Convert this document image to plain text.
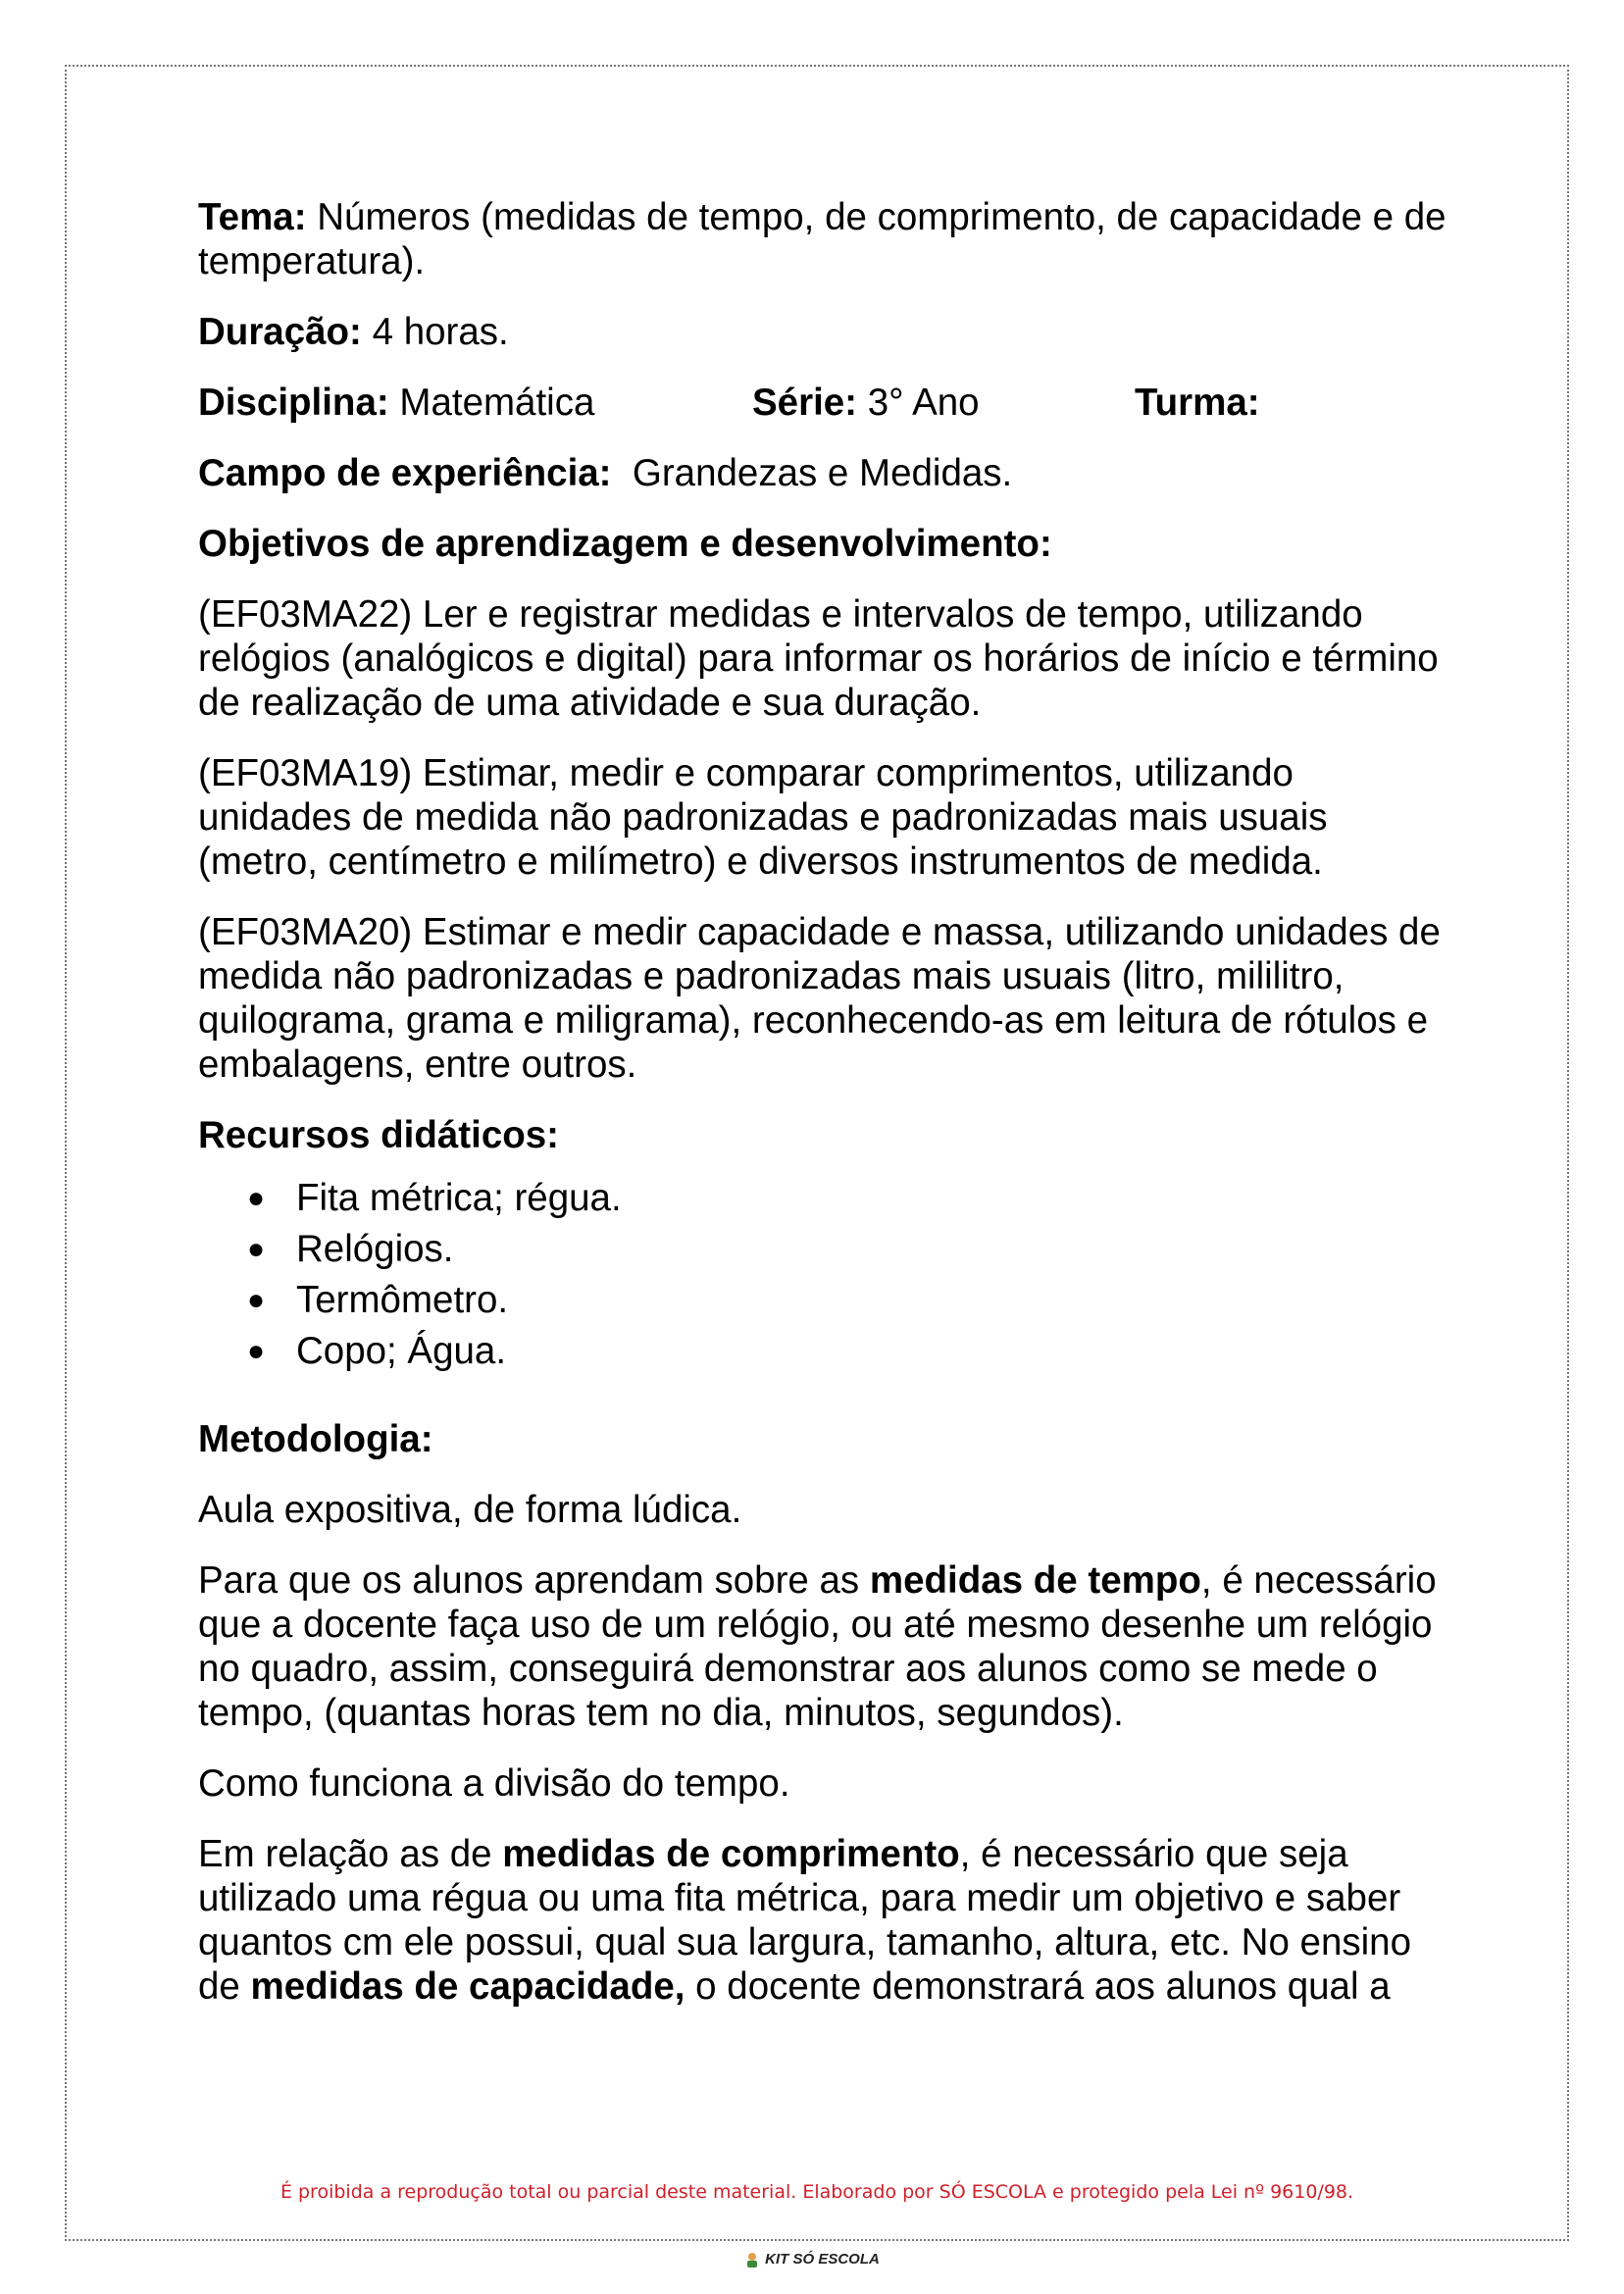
Tema: Números (medidas de tempo, de comprimento, de capacidade e de temperatura).

Duração: 4 horas.

Disciplina: Matemática	Série: 3° Ano	Turma:

Campo de experiência:  Grandezas e Medidas.

Objetivos de aprendizagem e desenvolvimento:

(EF03MA22) Ler e registrar medidas e intervalos de tempo, utilizando relógios (analógicos e digital) para informar os horários de início e término de realização de uma atividade e sua duração.

(EF03MA19) Estimar, medir e comparar comprimentos, utilizando unidades de medida não padronizadas e padronizadas mais usuais (metro, centímetro e milímetro) e diversos instrumentos de medida.

(EF03MA20) Estimar e medir capacidade e massa, utilizando unidades de medida não padronizadas e padronizadas mais usuais (litro, mililitro, quilograma, grama e miligrama), reconhecendo-as em leitura de rótulos e embalagens, entre outros.

Recursos didáticos:

● Fita métrica; régua.
● Relógios.
● Termômetro.
● Copo; Água.

Metodologia:

Aula expositiva, de forma lúdica.

Para que os alunos aprendam sobre as medidas de tempo, é necessário que a docente faça uso de um relógio, ou até mesmo desenhe um relógio no quadro, assim, conseguirá demonstrar aos alunos como se mede o tempo, (quantas horas tem no dia, minutos, segundos).

Como funciona a divisão do tempo.

Em relação as de medidas de comprimento, é necessário que seja utilizado uma régua ou uma fita métrica, para medir um objetivo e saber quantos cm ele possui, qual sua largura, tamanho, altura, etc. No ensino de medidas de capacidade, o docente demonstrará aos alunos qual a

É proibida a reprodução total ou parcial deste material. Elaborado por SÓ ESCOLA e protegido pela Lei nº 9610/98.
KIT SÓ ESCOLA
